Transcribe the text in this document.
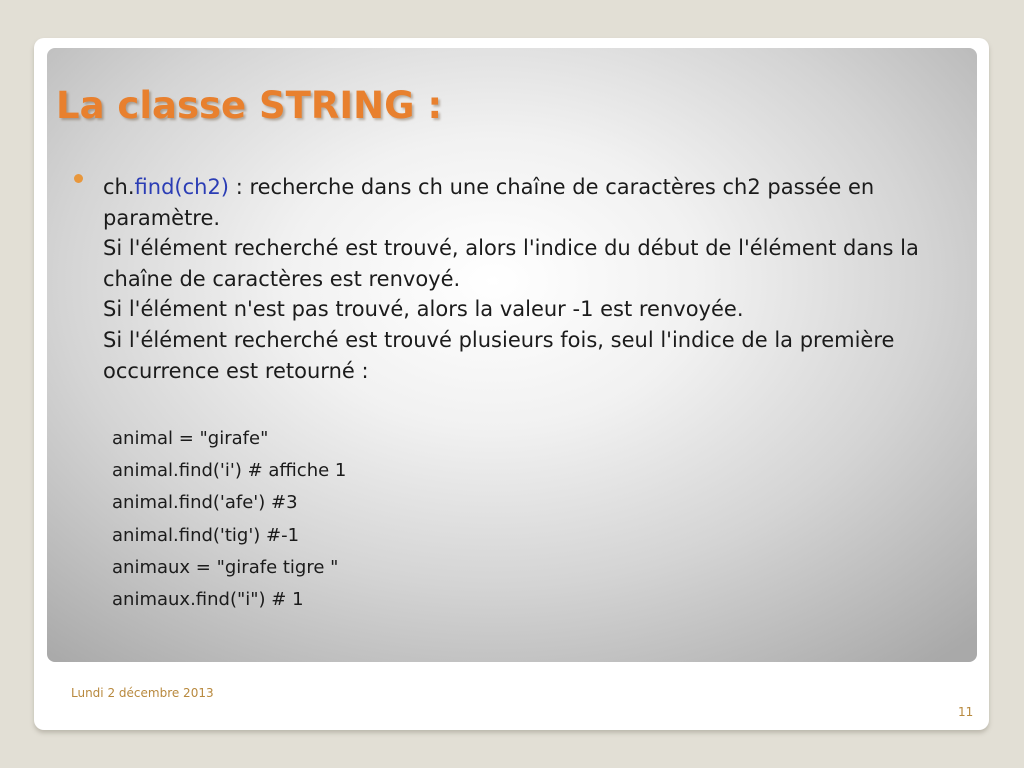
La classe STRING :

ch.find(ch2) : recherche dans ch une chaîne de caractères ch2 passée en paramètre.

Si l'élément recherché est trouvé, alors l'indice du début de l'élément dans la chaîne de caractères est renvoyé.

Si l'élément n'est pas trouvé, alors la valeur -1 est renvoyée.

Si l'élément recherché est trouvé plusieurs fois, seul l'indice de la première occurrence est retourné :

animal = "girafe"
animal.find('i') # affiche 1
animal.find('afe') #3
animal.find('tig') #-1
animaux = "girafe tigre "
animaux.find("i") # 1
Lundi 2 décembre 2013
11
